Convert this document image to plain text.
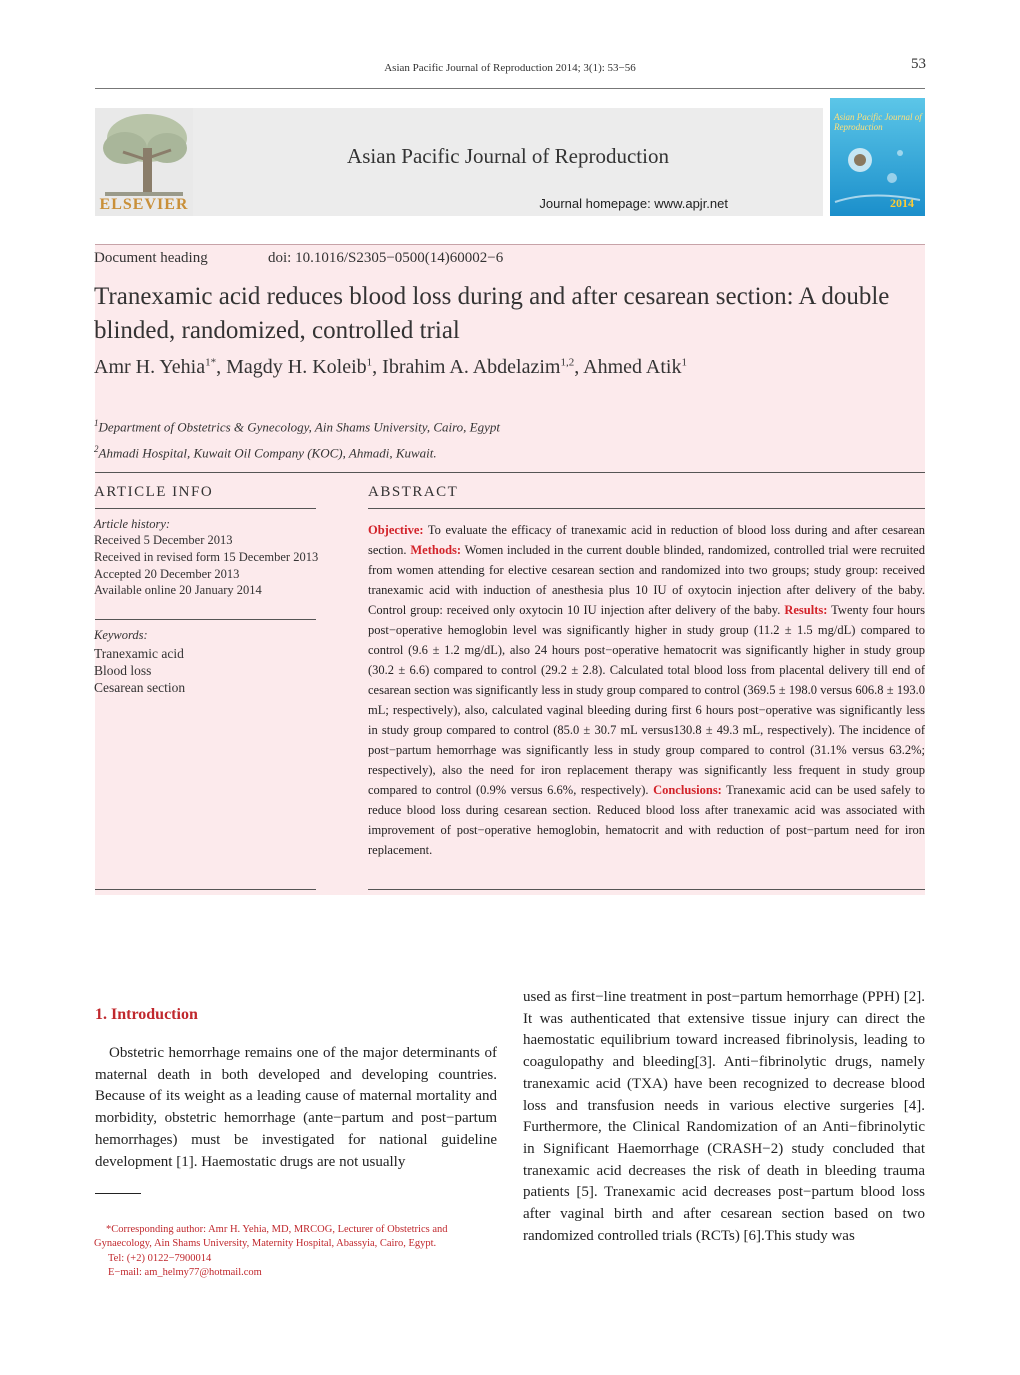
Asian Pacific Journal of Reproduction 2014; 3(1): 53−56	53
ELSEVIER
Asian Pacific Journal of Reproduction
Journal homepage: www.apjr.net
Asian Pacific Journal of Reproduction
2014
Document heading	doi: 10.1016/S2305−0500(14)60002−6
Tranexamic acid reduces blood loss during and after cesarean section: A double blinded, randomized, controlled trial
Amr H. Yehia$^{1*}$, Magdy H. Koleib$^1$, Ibrahim A. Abdelazim$^{1,2}$, Ahmed Atik$^1$
$^1$Department of Obstetrics & Gynecology, Ain Shams University, Cairo, Egypt
$^2$Ahmadi Hospital, Kuwait Oil Company (KOC), Ahmadi, Kuwait.
ARTICLE INFO
Article history:
Received 5 December 2013
Received in revised form 15 December 2013
Accepted 20 December 2013
Available online 20 January 2014
Keywords:
Tranexamic acid
Blood loss
Cesarean section
ABSTRACT
Objective: To evaluate the efficacy of tranexamic acid in reduction of blood loss during and after cesarean section. Methods: Women included in the current double blinded, randomized, controlled trial were recruited from women attending for elective cesarean section and randomized into two groups; study group: received tranexamic acid with induction of anesthesia plus 10 IU of oxytocin injection after delivery of the baby. Control group: received only oxytocin 10 IU injection after delivery of the baby. Results: Twenty four hours post−operative hemoglobin level was significantly higher in study group (11.2 ± 1.5 mg/dL) compared to control (9.6 ± 1.2 mg/dL), also 24 hours post−operative hematocrit was significantly higher in study group (30.2 ± 6.6) compared to control (29.2 ± 2.8). Calculated total blood loss from placental delivery till end of cesarean section was significantly less in study group compared to control (369.5 ± 198.0 versus 606.8 ± 193.0 mL; respectively), also, calculated vaginal bleeding during first 6 hours post−operative was significantly less in study group compared to control (85.0 ± 30.7 mL versus130.8 ± 49.3 mL, respectively). The incidence of post−partum hemorrhage was significantly less in study group compared to control (31.1% versus 63.2%; respectively), also the need for iron replacement therapy was significantly less frequent in study group compared to control (0.9% versus 6.6%, respectively). Conclusions: Tranexamic acid can be used safely to reduce blood loss during cesarean section. Reduced blood loss after tranexamic acid was associated with improvement of post−operative hemoglobin, hematocrit and with reduction of post−partum need for iron replacement.
1. Introduction
Obstetric hemorrhage remains one of the major determinants of maternal death in both developed and developing countries. Because of its weight as a leading cause of maternal mortality and morbidity, obstetric hemorrhage (ante−partum and post−partum hemorrhages) must be investigated for national guideline development [1]. Haemostatic drugs are not usually
used as first−line treatment in post−partum hemorrhage (PPH) [2]. It was authenticated that extensive tissue injury can direct the haemostatic equilibrium toward increased fibrinolysis, leading to coagulopathy and bleeding[3]. Anti−fibrinolytic drugs, namely tranexamic acid (TXA) have been recognized to decrease blood loss and transfusion needs in various elective surgeries [4]. Furthermore, the Clinical Randomization of an Anti−fibrinolytic in Significant Haemorrhage (CRASH−2) study concluded that tranexamic acid decreases the risk of death in bleeding trauma patients [5]. Tranexamic acid decreases post−partum blood loss after vaginal birth and after cesarean section based on two randomized controlled trials (RCTs) [6].This study was
*Corresponding author: Amr H. Yehia, MD, MRCOG, Lecturer of Obstetrics and Gynaecology, Ain Shams University, Maternity Hospital, Abassyia, Cairo, Egypt.
Tel: (+2) 0122−7900014
E−mail: am_helmy77@hotmail.com
